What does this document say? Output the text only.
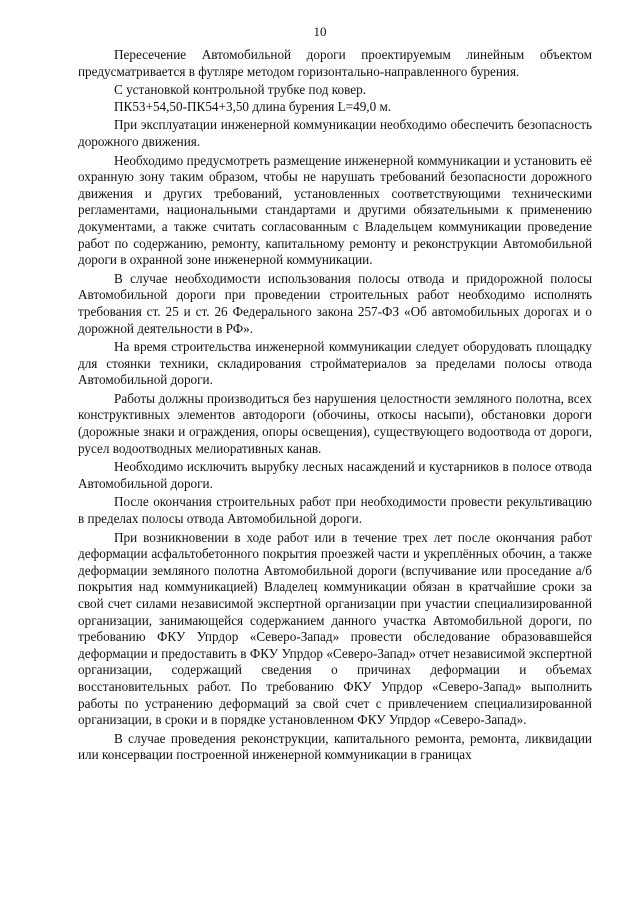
10

Пересечение Автомобильной дороги проектируемым линейным объектом предусматривается в футляре методом горизонтально-направленного бурения.

С установкой контрольной трубке под ковер.

ПК53+54,50-ПК54+3,50 длина бурения L=49,0 м.

При эксплуатации инженерной коммуникации необходимо обеспечить безопасность дорожного движения.

Необходимо предусмотреть размещение инженерной коммуникации и установить её охранную зону таким образом, чтобы не нарушать требований безопасности дорожного движения и других требований, установленных соответствующими техническими регламентами, национальными стандартами и другими обязательными к применению документами, а также считать согласованным с Владельцем коммуникации проведение работ по содержанию, ремонту, капитальному ремонту и реконструкции Автомобильной дороги в охранной зоне инженерной коммуникации.

В случае необходимости использования полосы отвода и придорожной полосы Автомобильной дороги при проведении строительных работ необходимо исполнять требования ст. 25 и ст. 26 Федерального закона 257-ФЗ «Об автомобильных дорогах и о дорожной деятельности в РФ».

На время строительства инженерной коммуникации следует оборудовать площадку для стоянки техники, складирования стройматериалов за пределами полосы отвода Автомобильной дороги.

Работы должны производиться без нарушения целостности земляного полотна, всех конструктивных элементов автодороги (обочины, откосы насыпи), обстановки дороги (дорожные знаки и ограждения, опоры освещения), существующего водоотвода от дороги, русел водоотводных мелиоративных канав.

Необходимо исключить вырубку лесных насаждений и кустарников в полосе отвода Автомобильной дороги.

После окончания строительных работ при необходимости провести рекультивацию в пределах полосы отвода Автомобильной дороги.

При возникновении в ходе работ или в течение трех лет после окончания работ деформации асфальтобетонного покрытия проезжей части и укреплённых обочин, а также деформации земляного полотна Автомобильной дороги (вспучивание или проседание а/б покрытия над коммуникацией) Владелец коммуникации обязан в кратчайшие сроки за свой счет силами независимой экспертной организации при участии специализированной организации, занимающейся содержанием данного участка Автомобильной дороги, по требованию ФКУ Упрдор «Северо-Запад» провести обследование образовавшейся деформации и предоставить в ФКУ Упрдор «Северо-Запад» отчет независимой экспертной организации, содержащий сведения о причинах деформации и объемах восстановительных работ. По требованию ФКУ Упрдор «Северо-Запад» выполнить работы по устранению деформаций за свой счет с привлечением специализированной организации, в сроки и в порядке установленном ФКУ Упрдор «Северо-Запад».

В случае проведения реконструкции, капитального ремонта, ремонта, ликвидации или консервации построенной инженерной коммуникации в границах
